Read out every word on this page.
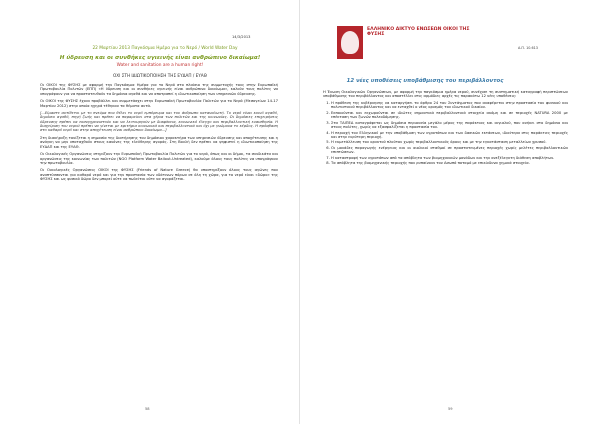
14/3/2013
22 Μαρτίου 2013 Παγκόσμια Ημέρα για το Νερό / World Water Day
Η ύδρευση και οι συνθήκες υγιεινής είναι ανθρώπινο δικαίωμα!
Water and sanitation are a human right!
ΟΧΙ ΣΤΗ ΙΔΙΩΤΙΚΟΠΟΙΗΣΗ ΤΗΣ ΕΥΔΑΠ / ΕΥΑΘ

Οι ΟΙΚΟΙ της ΦΥΣΗΣ με αφορμή την Παγκόσμια Ημέρα για το Νερό στο πλαίσιο της συμμετοχής τους στην Ευρωπαϊκή Πρωτοβουλία Πολιτών (ΕΠΠ) «Η ύδρευση και οι συνθήκες υγιεινής είναι ανθρώπινο δικαίωμα», καλούν τους πολίτες να υπογράψουν για να προστατευθούν τα δημόσια αγαθά και να αποτραπεί η ιδιωτικοποίηση των υπηρεσιών ύδρευσης.

Οι ΟΙΚΟΙ της ΦΥΣΗΣ έχουν προβάλλει και συμμετάσχει στην Ευρωπαϊκή Πρωτοβουλία Πολιτών για το Νερό (Μεσογείων 14-17 Μαρτίου 2012) στην οποία ηχηρά τέθηκαν τα θέματα αυτά.

[...Είμαστε αντίθετοι με το πνεύμα που θέλει το νερό εμπόρευμα και τον άνθρωπο καταναλωτή. Το νερό είναι κοινό αγαθό, δημόσιο αγαθό, πηγή ζωής και πρέπει να παραμείνει στα χέρια των πολιτών και της κοινωνίας. Οι δημόσιες επιχειρήσεις ύδρευσης πρέπει να εκσυγχρονιστούν και να λειτουργούν με διαφάνεια, κοινωνικό έλεγχο και περιβαλλοντική ευαισθησία. Η διαχείριση του νερού πρέπει να γίνεται με κριτήρια κοινωνικά και περιβαλλοντικά και όχι με γνώμονα το κέρδος. Η πρόσβαση στο καθαρό νερό και στην αποχέτευση είναι ανθρώπινο δικαίωμα...]

Στη διακήρυξη τονίζεται η σημασία της διατήρησης του δημόσιου χαρακτήρα των υπηρεσιών ύδρευσης και αποχέτευσης και η ανάγκη να μην υποταχθούν στους κανόνες της ελεύθερης αγοράς. Στη Βουλή δεν πρέπει να ψηφιστεί η ιδιωτικοποίηση της ΕΥΔΑΠ και της ΕΥΑΘ.

Οι Οικολογικές Οργανώσεις στηρίζουν την Ευρωπαϊκή Πρωτοβουλία Πολιτών για το νερό, όπως και οι δήμοι, τα συνδικάτα και οργανώσεις της κοινωνίας των πολιτών (NGO Platform Water Bailout-Untreated), καλούμε όλους τους πολίτες να υπογράψουν την πρωτοβουλία.

Οι Οικολογικές Οργανώσεις ΟΙΚΟΙ της ΦΥΣΗΣ (Friends of Nature Greece) θα υποστηρίξουν όλους τους αγώνες που αναπτύσσονται για καθαρό νερό και για την προστασία των υδάτινων πόρων σε όλη τη χώρα, για το νερό είναι «δώρο» της ΦΥΣΗΣ και ως φυσικό δώρο δεν μπορεί ούτε να πωλείται ούτε να αγοράζεται.

58
ΕΛΛΗΝΙΚΟ ΔΙΚΤΥΟ ΕΝΩΣΕΩΝ ΟΙΚΟΙ ΤΗΣ ΦΥΣΗΣ
Α.Π. 10.613
12 νέες υποθέσεις υποβάθμισης του περιβάλλοντος

Η Ένωση Οικολογικών Οργανώσεων, με αφορμή την παγκόσμια ημέρα νερού, συνέχισε τη συστηματική καταγραφή περιπτώσεων υποβάθμισης του περιβάλλοντος και αποστέλλει στις αρμόδιες αρχές τις παρακάτω 12 νέες υποθέσεις:

1. Η πρόθεση της κυβέρνησης να καταργήσει το άρθρο 24 του Συντάγματος που αναφέρεται στην προστασία του φυσικού και πολιτιστικού περιβάλλοντος και να ενταχθεί ο νέος ορισμός του ιδιωτικού δικαίου.
2. Εκποιούνται και εκχωρούνται σε ιδιώτες σημαντικά περιβαλλοντικά στοιχεία ακόμη και σε περιοχές NATURA 2000 με επέκταση των ζωνών πολεοδόμησης.
3. Στα ΤΑΙΠΕΔ καταγράφεται ως δημόσια περιουσία μεγάλο μέρος της παράκτιας και αιγιαλού, που ανήκει στο δημόσιο και στους πολίτες, χωρίς να εξασφαλίζεται η προστασία του.
4. Η περιοχή του Ελληνικού με την υποβάθμιση των υγροτόπων και των δασικών εκτάσεων, ιδιαίτερα στις παράκτιες περιοχές και στην ευρύτερη περιοχή.
5. Η εκμετάλλευση του ορυκτού πλούτου χωρίς περιβαλλοντικούς όρους και με την εγκατάσταση μεταλλείων χρυσού.
6. Οι μονάδες παραγωγής ενέργειας και οι αιολικοί σταθμοί σε προστατευμένες περιοχές χωρίς μελέτες περιβαλλοντικών επιπτώσεων.
7. Η καταστροφή των υγροτόπων από τα απόβλητα των βιομηχανικών μονάδων και την ανεξέλεγκτη διάθεση αποβλήτων.
8. Τα απόβλητα της βιομηχανικής περιοχής που ρυπαίνουν τον Ασωπό ποταμό με επικίνδυνα χημικά στοιχεία.
59
